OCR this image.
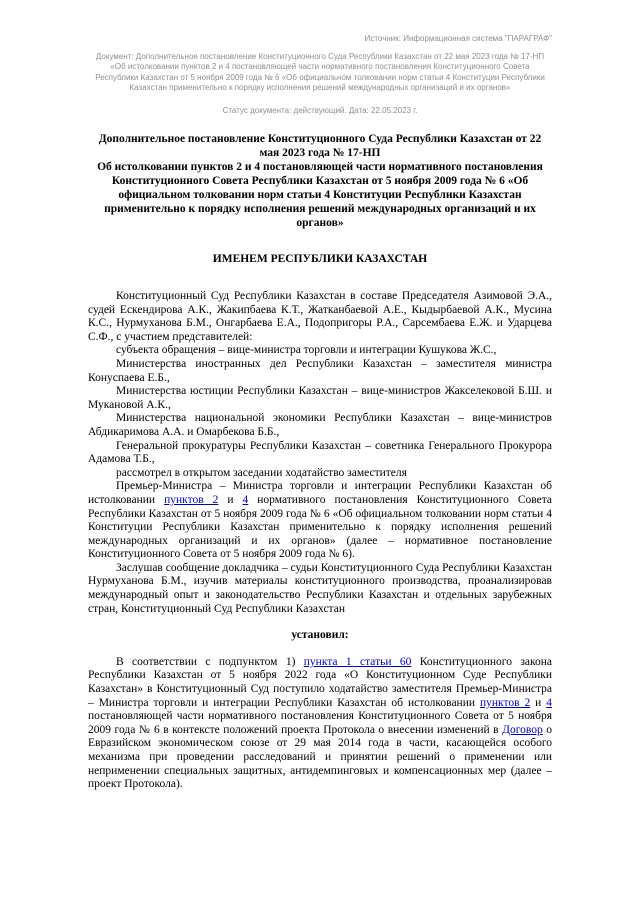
Источник: Информационная система "ПАРАГРАФ"
Документ: Дополнительное постановление Конституционного Суда Республики Казахстан от 22 мая 2023 года № 17-НП «Об истолковании пунктов 2 и 4 постановляющей части нормативного постановления Конституционного Совета Республики Казахстан от 5 ноября 2009 года № 6 «Об официальном толковании норм статьи 4 Конституции Республики Казахстан применительно к порядку исполнения решений международных организаций и их органов»
Статус документа: действующий. Дата: 22.05.2023 г.

Дополнительное постановление Конституционного Суда Республики Казахстан от 22 мая 2023 года № 17-НП

Об истолковании пунктов 2 и 4 постановляющей части нормативного постановления Конституционного Совета Республики Казахстан от 5 ноября 2009 года № 6 «Об официальном толковании норм статьи 4 Конституции Республики Казахстан применительно к порядку исполнения решений международных организаций и их органов»

ИМЕНЕМ РЕСПУБЛИКИ КАЗАХСТАН

Конституционный Суд Республики Казахстан в составе Председателя Азимовой Э.А., судей Ескендирова А.К., Жакипбаева К.Т., Жатканбаевой А.Е., Кыдырбаевой А.К., Мусина К.С., Нурмуханова Б.М., Онгарбаева Е.А., Подопригоры Р.А., Сарсембаева Е.Ж. и Ударцева С.Ф., с участием представителей:

субъекта обращения – вице-министра торговли и интеграции Кушукова Ж.С.,

Министерства иностранных дел Республики Казахстан – заместителя министра Конуспаева Е.Б.,

Министерства юстиции Республики Казахстан – вице-министров Жакселековой Б.Ш. и Мукановой А.К.,

Министерства национальной экономики Республики Казахстан – вице-министров Абдикаримова А.А. и Омарбекова Б.Б.,

Генеральной прокуратуры Республики Казахстан – советника Генерального Прокурора Адамова Т.Б.,

рассмотрел в открытом заседании ходатайство заместителя

Премьер-Министра – Министра торговли и интеграции Республики Казахстан об истолковании пунктов 2 и 4 нормативного постановления Конституционного Совета Республики Казахстан от 5 ноября 2009 года № 6 «Об официальном толковании норм статьи 4 Конституции Республики Казахстан применительно к порядку исполнения решений международных организаций и их органов» (далее – нормативное постановление Конституционного Совета от 5 ноября 2009 года № 6).

Заслушав сообщение докладчика – судьи Конституционного Суда Республики Казахстан Нурмуханова Б.М., изучив материалы конституционного производства, проанализировав международный опыт и законодательство Республики Казахстан и отдельных зарубежных стран, Конституционный Суд Республики Казахстан

установил:

В соответствии с подпунктом 1) пункта 1 статьи 60 Конституционного закона Республики Казахстан от 5 ноября 2022 года «О Конституционном Суде Республики Казахстан» в Конституционный Суд поступило ходатайство заместителя Премьер-Министра – Министра торговли и интеграции Республики Казахстан об истолковании пунктов 2 и 4 постановляющей части нормативного постановления Конституционного Совета от 5 ноября 2009 года № 6 в контексте положений проекта Протокола о внесении изменений в Договор о Евразийском экономическом союзе от 29 мая 2014 года в части, касающейся особого механизма при проведении расследований и принятии решений о применении или неприменении специальных защитных, антидемпинговых и компенсационных мер (далее – проект Протокола).
